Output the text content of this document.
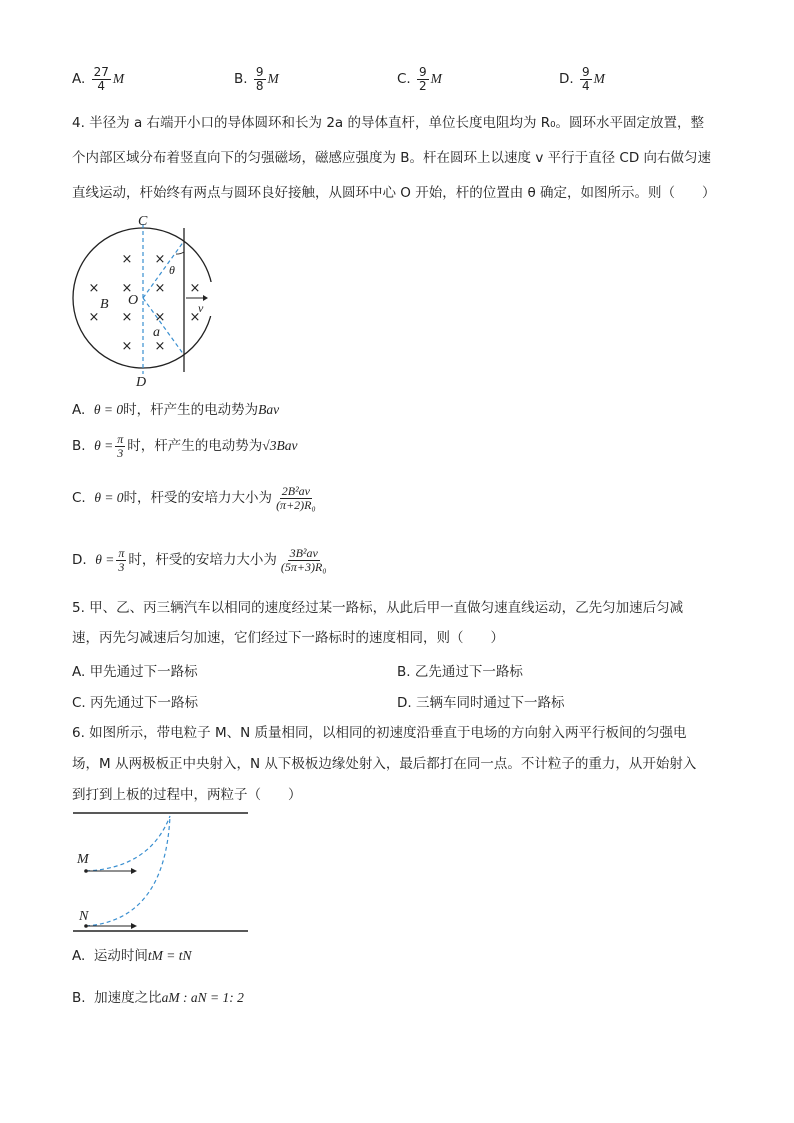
A. $\frac{27}{4}$ M	B. $\frac{9}{8}$ M	C. $\frac{9}{2}$ M	D. $\frac{9}{4}$ M
4. 半径为 a 右端开小口的导体圆环和长为 2a 的导体直杆，单位长度电阻均为 R₀。圆环水平固定放置，整
个内部区域分布着竖直向下的匀强磁场，磁感应强度为 B。杆在圆环上以速度 v 平行于直径 CD 向右做匀速
直线运动，杆始终有两点与圆环良好接触，从圆环中心 O 开始，杆的位置由 θ 确定，如图所示。则（　　）
× ×
× × × ×
× × × ×
× ×
C
D
O
B
a
θ
v
A. θ = 0时，杆产生的电动势为Bav
B. $\theta = \frac{\pi}{3}$ 时，杆产生的电动势为√3Bav
C. θ = 0时，杆受的安培力大小为 $\frac{\text{2B²av}}{\text{(π+2)R₀}}$
D. $\theta = \frac{\pi}{3}$ 时，杆受的安培力大小为 $\frac{\text{3B²av}}{\text{(5π+3)R₀}}$
5. 甲、乙、丙三辆汽车以相同的速度经过某一路标，从此后甲一直做匀速直线运动，乙先匀加速后匀减
速，丙先匀减速后匀加速，它们经过下一路标时的速度相同，则（　　）
A. 甲先通过下一路标	B. 乙先通过下一路标
C. 丙先通过下一路标	D. 三辆车同时通过下一路标
6. 如图所示，带电粒子 M、N 质量相同，以相同的初速度沿垂直于电场的方向射入两平行板间的匀强电
场，M 从两极板正中央射入，N 从下极板边缘处射入，最后都打在同一点。不计粒子的重力，从开始射入
到打到上板的过程中，两粒子（　　）
M
N
A. 运动时间tM = tN
B. 加速度之比aM : aN = 1: 2
